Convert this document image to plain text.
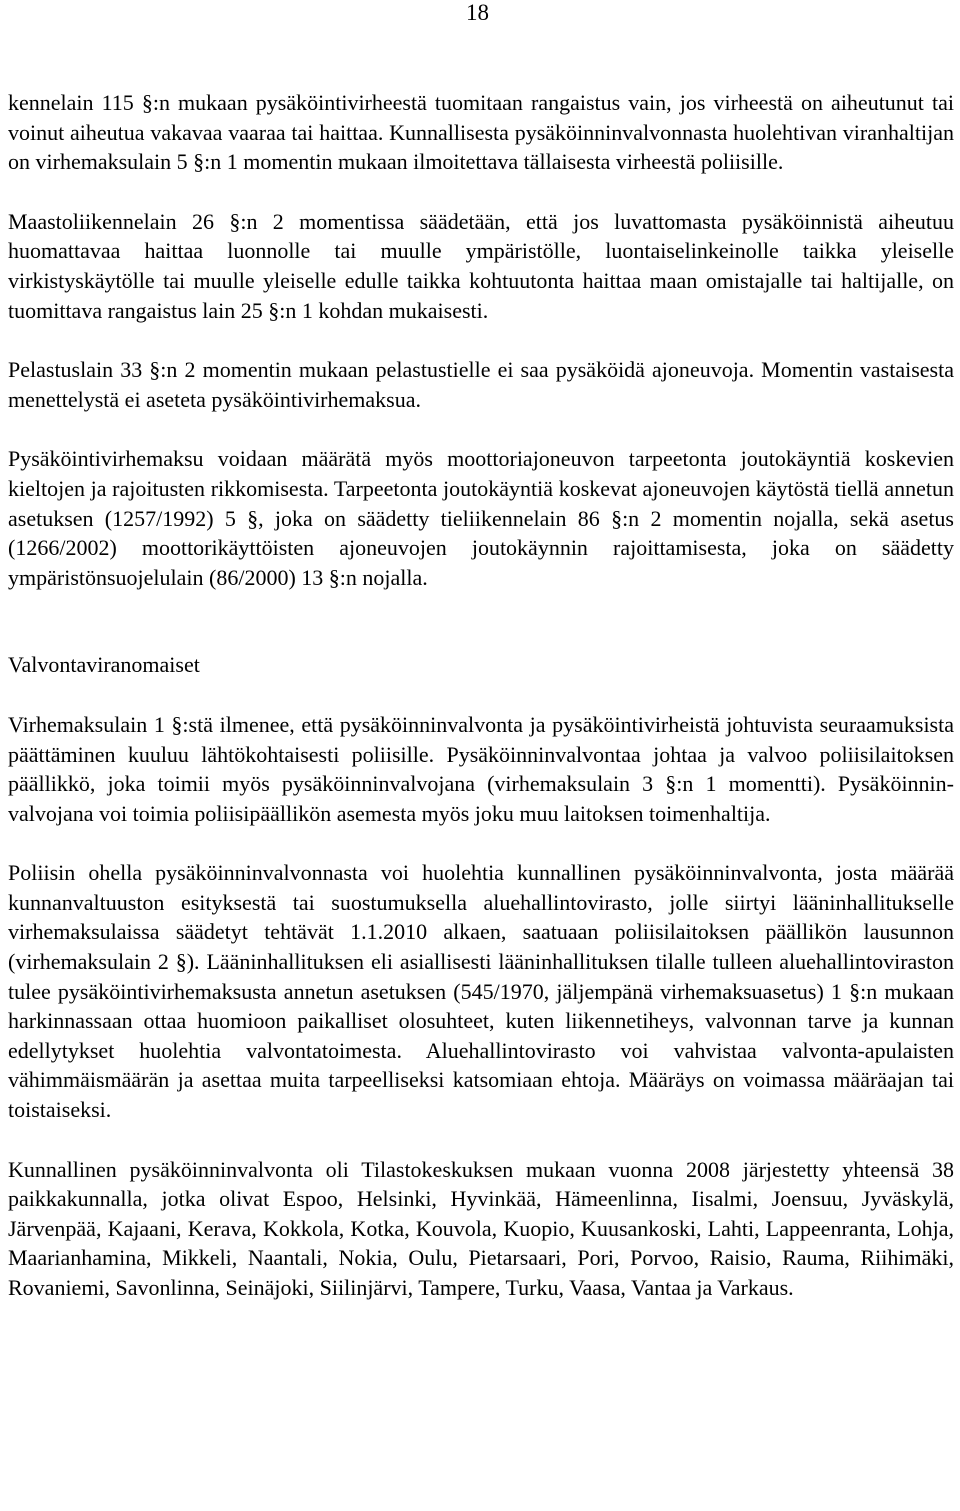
18

kennelain 115 §:n mukaan pysäköintivirheestä tuomitaan rangaistus vain, jos virheestä on aiheutunut tai voinut aiheutua vakavaa vaaraa tai haittaa. Kunnallisesta pysäköinninvalvonnasta huolehtivan viranhaltijan on virhemaksulain 5 §:n 1 momentin mukaan ilmoitettava tällaisesta virheestä poliisille.

Maastoliikennelain 26 §:n 2 momentissa säädetään, että jos luvattomasta pysäköinnistä aiheutuu huomattavaa haittaa luonnolle tai muulle ympäristölle, luontaiselinkeinolle taikka yleiselle virkistyskäytölle tai muulle yleiselle edulle taikka kohtuutonta haittaa maan omistajalle tai haltijalle, on tuomittava rangaistus lain 25 §:n 1 kohdan mukaisesti.

Pelastuslain 33 §:n 2 momentin mukaan pelastustielle ei saa pysäköidä ajoneuvoja. Momentin vastaisesta menettelystä ei aseteta pysäköintivirhemaksua.

Pysäköintivirhemaksu voidaan määrätä myös moottoriajoneuvon tarpeetonta joutokäyntiä koskevien kieltojen ja rajoitusten rikkomisesta. Tarpeetonta joutokäyntiä koskevat ajoneuvojen käytöstä tiellä annetun asetuksen (1257/1992) 5 §, joka on säädetty tieliikennelain 86 §:n 2 momentin nojalla, sekä asetus (1266/2002) moottorikäyttöisten ajoneuvojen joutokäynnin rajoittamisesta, joka on säädetty ympäristönsuojelulain (86/2000) 13 §:n nojalla.

Valvontaviranomaiset

Virhemaksulain 1 §:stä ilmenee, että pysäköinninvalvonta ja pysäköintivirheistä johtuvista seuraamuksista päättäminen kuuluu lähtökohtaisesti poliisille. Pysäköinninvalvontaa johtaa ja valvoo poliisilaitoksen päällikkö, joka toimii myös pysäköinninvalvojana (virhemaksulain 3 §:n 1 momentti). Pysäköinninvalvojana voi toimia poliisipäällikön asemesta myös joku muu laitoksen toimenhaltija.

Poliisin ohella pysäköinninvalvonnasta voi huolehtia kunnallinen pysäköinninvalvonta, josta määrää kunnanvaltuuston esityksestä tai suostumuksella aluehallintovirasto, jolle siirtyi lääninhallitukselle virhemaksulaissa säädetyt tehtävät 1.1.2010 alkaen, saatuaan poliisilaitoksen päällikön lausunnon (virhemaksulain 2 §). Lääninhallituksen eli asiallisesti lääninhallituksen tilalle tulleen aluehallintoviraston tulee pysäköintivirhemaksusta annetun asetuksen (545/1970, jäljempänä virhemaksuasetus) 1 §:n mukaan harkinnassaan ottaa huomioon paikalliset olosuhteet, kuten liikennetiheys, valvonnan tarve ja kunnan edellytykset huolehtia valvontatoimesta. Aluehallintovirasto voi vahvistaa valvonta-apulaisten vähimmäismäärän ja asettaa muita tarpeelliseksi katsomiaan ehtoja. Määräys on voimassa määräajan tai toistaiseksi.

Kunnallinen pysäköinninvalvonta oli Tilastokeskuksen mukaan vuonna 2008 järjestetty yhteensä 38 paikkakunnalla, jotka olivat Espoo, Helsinki, Hyvinkää, Hämeenlinna, Iisalmi, Joensuu, Jyväskylä, Järvenpää, Kajaani, Kerava, Kokkola, Kotka, Kouvola, Kuopio, Kuusankoski, Lahti, Lappeenranta, Lohja, Maarianhamina, Mikkeli, Naantali, Nokia, Oulu, Pietarsaari, Pori, Porvoo, Raisio, Rauma, Riihimäki, Rovaniemi, Savonlinna, Seinäjoki, Siilinjärvi, Tampere, Turku, Vaasa, Vantaa ja Varkaus.
